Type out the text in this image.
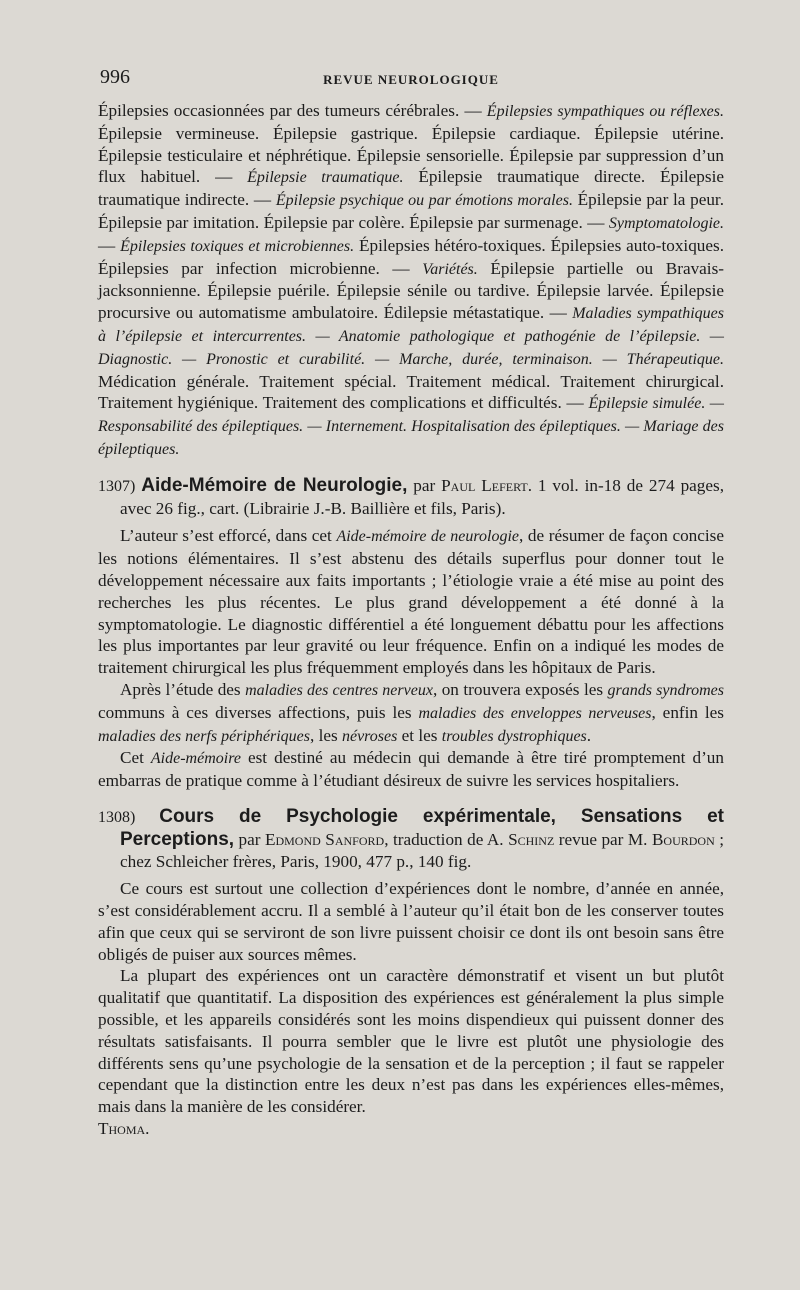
996	REVUE NEUROLOGIQUE

Épilepsies occasionnées par des tumeurs cérébrales. — Épilepsies sympathiques ou réflexes. Épilepsie vermineuse. Épilepsie gastrique. Épilepsie cardiaque. Épilepsie utérine. Épilepsie testiculaire et néphrétique. Épilepsie sensorielle. Épilepsie par suppression d’un flux habituel. — Épilepsie traumatique. Épilepsie traumatique directe. Épilepsie traumatique indirecte. — Épilepsie psychique ou par émotions morales. Épilepsie par la peur. Épilepsie par imitation. Épilepsie par colère. Épilepsie par surmenage. — Symptomatologie. — Épilepsies toxiques et microbiennes. Épilepsies hétéro-toxiques. Épilepsies auto-toxiques. Épilepsies par infection microbienne. — Variétés. Épilepsie partielle ou Bravais-jacksonnienne. Épilepsie puérile. Épilepsie sénile ou tardive. Épilepsie larvée. Épilepsie procursive ou automatisme ambulatoire. Édilepsie métastatique. — Maladies sympathiques à l’épilepsie et intercurrentes. — Anatomie pathologique et pathogénie de l’épilepsie. — Diagnostic. — Pronostic et curabilité. — Marche, durée, terminaison. — Thérapeutique. Médication générale. Traitement spécial. Traitement médical. Traitement chirurgical. Traitement hygiénique. Traitement des complications et difficultés. — Épilepsie simulée. — Responsabilité des épileptiques. — Internement. Hospitalisation des épileptiques. — Mariage des épileptiques.

1307) Aide-Mémoire de Neurologie, par Paul Lefert. 1 vol. in-18 de 274 pages, avec 26 fig., cart. (Librairie J.-B. Baillière et fils, Paris).

L’auteur s’est efforcé, dans cet Aide-mémoire de neurologie, de résumer de façon concise les notions élémentaires. Il s’est abstenu des détails superflus pour donner tout le développement nécessaire aux faits importants ; l’étiologie vraie a été mise au point des recherches les plus récentes. Le plus grand développement a été donné à la symptomatologie. Le diagnostic différentiel a été longuement débattu pour les affections les plus importantes par leur gravité ou leur fréquence. Enfin on a indiqué les modes de traitement chirurgical les plus fréquemment employés dans les hôpitaux de Paris.

Après l’étude des maladies des centres nerveux, on trouvera exposés les grands syndromes communs à ces diverses affections, puis les maladies des enveloppes nerveuses, enfin les maladies des nerfs périphériques, les névroses et les troubles dystrophiques.

Cet Aide-mémoire est destiné au médecin qui demande à être tiré promptement d’un embarras de pratique comme à l’étudiant désireux de suivre les services hospitaliers.

1308) Cours de Psychologie expérimentale, Sensations et Perceptions, par Edmond Sanford, traduction de A. Schinz revue par M. Bourdon ; chez Schleicher frères, Paris, 1900, 477 p., 140 fig.

Ce cours est surtout une collection d’expériences dont le nombre, d’année en année, s’est considérablement accru. Il a semblé à l’auteur qu’il était bon de les conserver toutes afin que ceux qui se serviront de son livre puissent choisir ce dont ils ont besoin sans être obligés de puiser aux sources mêmes.

La plupart des expériences ont un caractère démonstratif et visent un but plutôt qualitatif que quantitatif. La disposition des expériences est généralement la plus simple possible, et les appareils considérés sont les moins dispendieux qui puissent donner des résultats satisfaisants. Il pourra sembler que le livre est plutôt une physiologie des différents sens qu’une psychologie de la sensation et de la perception ; il faut se rappeler cependant que la distinction entre les deux n’est pas dans les expériences elles-mêmes, mais dans la manière de les considérer.

Thoma.
